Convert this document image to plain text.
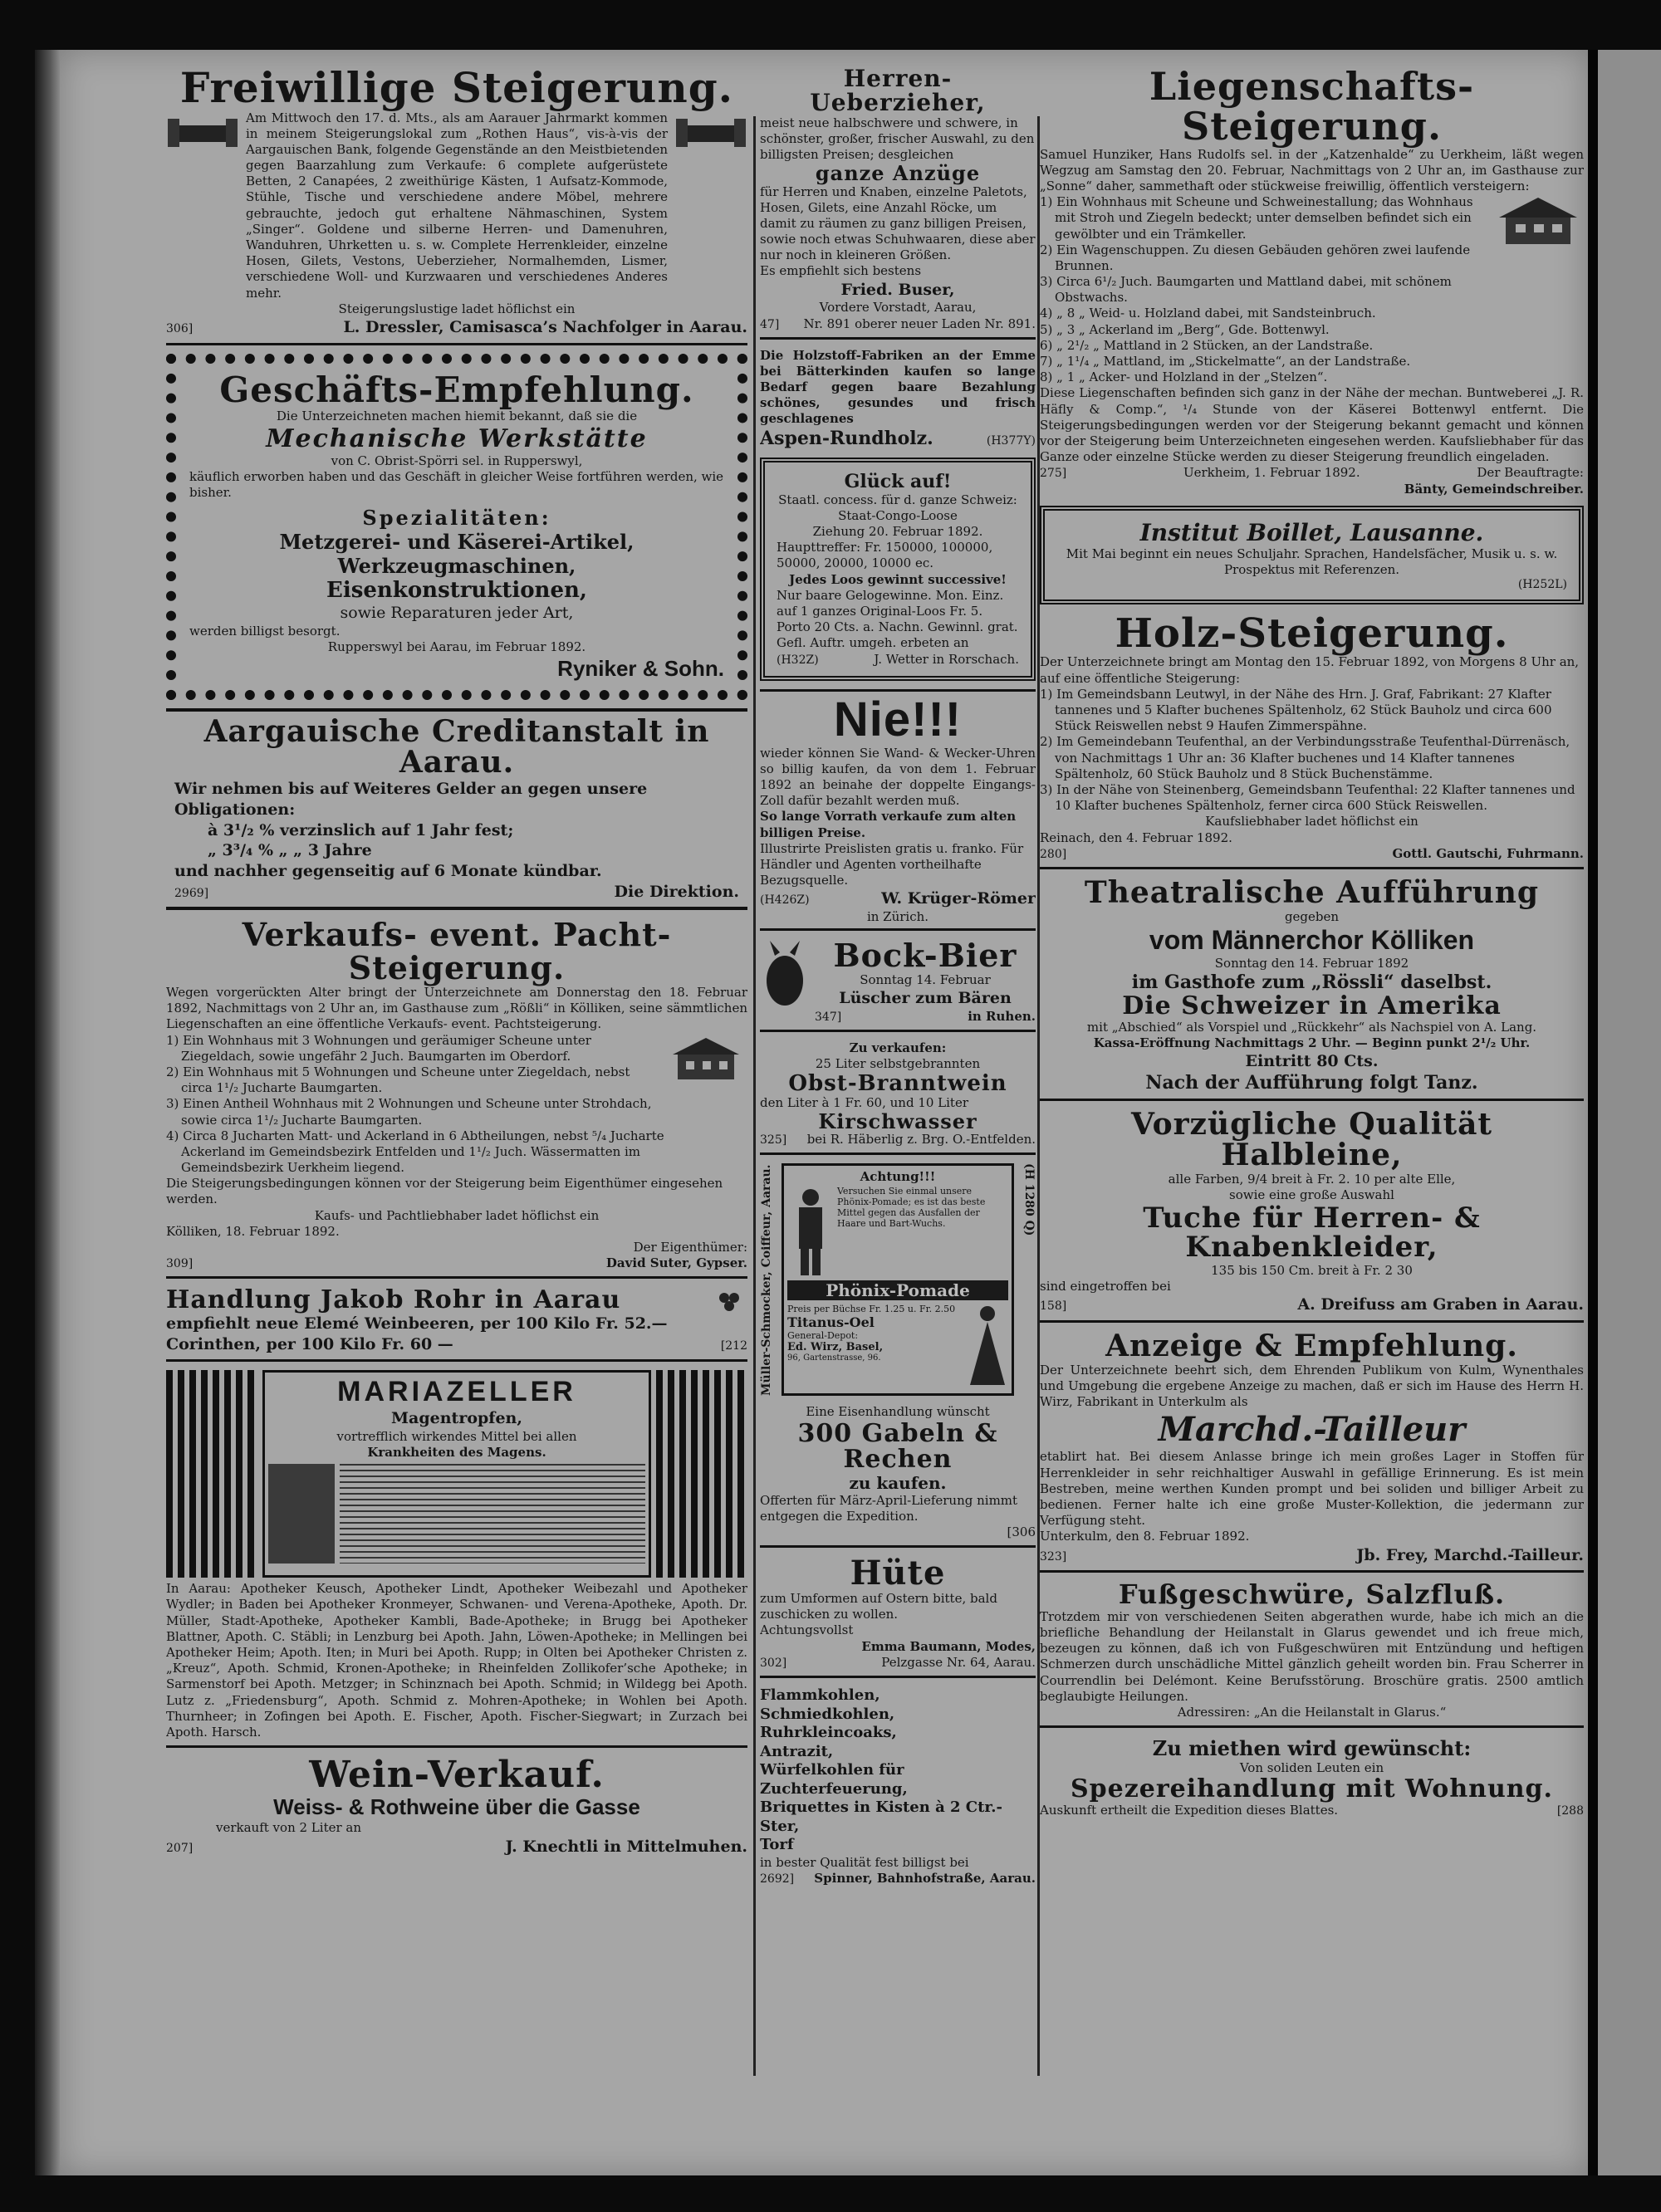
Freiwillige Steigerung.
Am Mittwoch den 17. d. Mts., als am Aarauer Jahrmarkt kommen in meinem Steigerungslokal zum „Rothen Haus“, vis-à-vis der Aargauischen Bank, folgende Gegenstände an den Meistbietenden gegen Baarzahlung zum Verkaufe: 6 complete aufgerüstete Betten, 2 Canapées, 2 zweithürige Kästen, 1 Aufsatz-Kommode, Stühle, Tische und verschiedene andere Möbel, mehrere gebrauchte, jedoch gut erhaltene Nähmaschinen, System „Singer“. Goldene und silberne Herren- und Damenuhren, Wanduhren, Uhrketten u. s. w. Complete Herrenkleider, einzelne Hosen, Gilets, Vestons, Ueberzieher, Normalhemden, Lismer, verschiedene Woll- und Kurzwaaren und verschiedenes Anderes mehr.
Steigerungslustige ladet höflichst ein
306]	L. Dressler, Camisasca’s Nachfolger in Aarau.
Geschäfts-Empfehlung.
Die Unterzeichneten machen hiemit bekannt, daß sie die
Mechanische Werkstätte
von C. Obrist-Spörri sel. in Rupperswyl,
käuflich erworben haben und das Geschäft in gleicher Weise fortführen werden, wie bisher.
Spezialitäten:
Metzgerei- und Käserei-Artikel, Werkzeugmaschinen,
Eisenkonstruktionen,
sowie Reparaturen jeder Art,
werden billigst besorgt.
Rupperswyl bei Aarau, im Februar 1892.
Ryniker & Sohn.
Aargauische Creditanstalt in Aarau.
Wir nehmen bis auf Weiteres Gelder an gegen unsere Obligationen:
à 3¹/₂ % verzinslich auf 1 Jahr fest;
„ 3³/₄ % „ „ 3 Jahre
und nachher gegenseitig auf 6 Monate kündbar.
2969]	Die Direktion.
Verkaufs- event. Pacht-Steigerung.
Wegen vorgerückten Alter bringt der Unterzeichnete am Donnerstag den 18. Februar 1892, Nachmittags von 2 Uhr an, im Gasthause zum „Rößli“ in Kölliken, seine sämmtlichen Liegenschaften an eine öffentliche Verkaufs- event. Pachtsteigerung.
1) Ein Wohnhaus mit 3 Wohnungen und geräumiger Scheune unter Ziegeldach, sowie ungefähr 2 Juch. Baumgarten im Oberdorf.
2) Ein Wohnhaus mit 5 Wohnungen und Scheune unter Ziegeldach, nebst circa 1¹/₂ Jucharte Baumgarten.
3) Einen Antheil Wohnhaus mit 2 Wohnungen und Scheune unter Strohdach, sowie circa 1¹/₂ Jucharte Baumgarten.
4) Circa 8 Jucharten Matt- und Ackerland in 6 Abtheilungen, nebst ⁵/₄ Jucharte Ackerland im Gemeindsbezirk Entfelden und 1¹/₂ Juch. Wässermatten im Gemeindsbezirk Uerkheim liegend.
Die Steigerungsbedingungen können vor der Steigerung beim Eigenthümer eingesehen werden.
Kaufs- und Pachtliebhaber ladet höflichst ein
Kölliken, 18. Februar 1892.
Der Eigenthümer:
309]	David Suter, Gypser.
Handlung Jakob Rohr in Aarau
empfiehlt neue Elemé Weinbeeren, per 100 Kilo Fr. 52.—
Corinthen, per 100 Kilo Fr. 60 —	[212
MARIAZELLER
Magentropfen,
vortrefflich wirkendes Mittel bei allen
Krankheiten des Magens.
In Aarau: Apotheker Keusch, Apotheker Lindt, Apotheker Weibezahl und Apotheker Wydler; in Baden bei Apotheker Kronmeyer, Schwanen- und Verena-Apotheke, Apoth. Dr. Müller, Stadt-Apotheke, Apotheker Kambli, Bade-Apotheke; in Brugg bei Apotheker Blattner, Apoth. C. Stäbli; in Lenzburg bei Apoth. Jahn, Löwen-Apotheke; in Mellingen bei Apotheker Heim; Apoth. Iten; in Muri bei Apoth. Rupp; in Olten bei Apotheker Christen z. „Kreuz“, Apoth. Schmid, Kronen-Apotheke; in Rheinfelden Zollikofer’sche Apotheke; in Sarmenstorf bei Apoth. Metzger; in Schinznach bei Apoth. Schmid; in Wildegg bei Apoth. Lutz z. „Friedensburg“, Apoth. Schmid z. Mohren-Apotheke; in Wohlen bei Apoth. Thurnheer; in Zofingen bei Apoth. E. Fischer, Apoth. Fischer-Siegwart; in Zurzach bei Apoth. Harsch.
Wein-Verkauf.
Weiss- & Rothweine über die Gasse
verkauft von 2 Liter an
207]	J. Knechtli in Mittelmuhen.
Herren-Ueberzieher,
meist neue halbschwere und schwere, in schönster, großer, frischer Auswahl, zu den billigsten Preisen; desgleichen
ganze Anzüge
für Herren und Knaben, einzelne Paletots, Hosen, Gilets, eine Anzahl Röcke, um damit zu räumen zu ganz billigen Preisen, sowie noch etwas Schuhwaaren, diese aber nur noch in kleineren Größen.
Es empfiehlt sich bestens
Fried. Buser,
Vordere Vorstadt, Aarau,
47] Nr. 891 oberer neuer Laden Nr. 891.
Die Holzstoff-Fabriken an der Emme bei Bätterkinden kaufen so lange Bedarf gegen baare Bezahlung schönes, gesundes und frisch geschlagenes
Aspen-Rundholz.	(H377Y)
Glück auf!
Staatl. concess. für d. ganze Schweiz:
Staat-Congo-Loose
Ziehung 20. Februar 1892.
Haupttreffer: Fr. 150000, 100000, 50000, 20000, 10000 ec.
Jedes Loos gewinnt successive!
Nur baare Gelogewinne. Mon. Einz. auf 1 ganzes Original-Loos Fr. 5. Porto 20 Cts. a. Nachn. Gewinnl. grat.
Gefl. Auftr. umgeh. erbeten an
(H32Z)	J. Wetter in Rorschach.
Nie!!!
wieder können Sie Wand- & Wecker-Uhren so billig kaufen, da von dem 1. Februar 1892 an beinahe der doppelte Eingangs-Zoll dafür bezahlt werden muß.
So lange Vorrath verkaufe zum alten billigen Preise.
Illustrirte Preislisten gratis u. franko. Für Händler und Agenten vortheilhafte Bezugsquelle.
(H426Z)	W. Krüger-Römer
in Zürich.
Bock-Bier
Sonntag 14. Februar
Lüscher zum Bären
347]	in Ruhen.
Zu verkaufen:
25 Liter selbstgebrannten
Obst-Branntwein
den Liter à 1 Fr. 60, und 10 Liter
Kirschwasser
325] bei R. Häberlig z. Brg. O.-Entfelden.
Müller-Schmocker, Coiffeur, Aarau.	Achtung!!!
Versuchen Sie einmal unsere Phönix-Pomade; es ist das beste Mittel gegen das Ausfallen der Haare und Bart-Wuchs.
Phönix-Pomade
Preis per Büchse Fr. 1.25 u. Fr. 2.50
Titanus-Oel
General-Depot:
Ed. Wirz, Basel,
96, Gartenstrasse, 96.
(H 1280 Q)
Eine Eisenhandlung wünscht
300 Gabeln & Rechen
zu kaufen.
Offerten für März-April-Lieferung nimmt entgegen die Expedition.
[306
Hüte
zum Umformen auf Ostern bitte, bald zuschicken zu wollen.
Achtungsvollst
Emma Baumann, Modes,
302]	Pelzgasse Nr. 64, Aarau.
Flammkohlen,
Schmiedkohlen,
Ruhrkleincoaks,
Antrazit,
Würfelkohlen für Zuchterfeuerung,
Briquettes in Kisten à 2 Ctr.-Ster,
Torf
in bester Qualität fest billigst bei
2692] Spinner, Bahnhofstraße, Aarau.
Liegenschafts-Steigerung.
Samuel Hunziker, Hans Rudolfs sel. in der „Katzenhalde“ zu Uerkheim, läßt wegen Wegzug am Samstag den 20. Februar, Nachmittags von 2 Uhr an, im Gasthause zur „Sonne“ daher, sammethaft oder stückweise freiwillig, öffentlich versteigern:
1) Ein Wohnhaus mit Scheune und Schweinestallung; das Wohnhaus mit Stroh und Ziegeln bedeckt; unter demselben befindet sich ein gewölbter und ein Trämkeller.
2) Ein Wagenschuppen. Zu diesen Gebäuden gehören zwei laufende Brunnen.
3) Circa 6¹/₂ Juch. Baumgarten und Mattland dabei, mit schönem Obstwachs.
4) „ 8 „ Weid- u. Holzland dabei, mit Sandsteinbruch.
5) „ 3 „ Ackerland im „Berg“, Gde. Bottenwyl.
6) „ 2¹/₂ „ Mattland in 2 Stücken, an der Landstraße.
7) „ 1¹/₄ „ Mattland, im „Stickelmatte“, an der Landstraße.
8) „ 1 „ Acker- und Holzland in der „Stelzen“.
Diese Liegenschaften befinden sich ganz in der Nähe der mechan. Buntweberei „J. R. Häfly & Comp.“, ¹/₄ Stunde von der Käserei Bottenwyl entfernt. Die Steigerungsbedingungen werden vor der Steigerung bekannt gemacht und können vor der Steigerung beim Unterzeichneten eingesehen werden. Kaufsliebhaber für das Ganze oder einzelne Stücke werden zu dieser Steigerung freundlich eingeladen.
275]	Uerkheim, 1. Februar 1892.	Der Beauftragte:
Bänty, Gemeindschreiber.
Institut Boillet, Lausanne.
Mit Mai beginnt ein neues Schuljahr. Sprachen, Handelsfächer, Musik u. s. w. Prospektus mit Referenzen.
(H252L)
Holz-Steigerung.
Der Unterzeichnete bringt am Montag den 15. Februar 1892, von Morgens 8 Uhr an, auf eine öffentliche Steigerung:
1) Im Gemeindsbann Leutwyl, in der Nähe des Hrn. J. Graf, Fabrikant: 27 Klafter tannenes und 5 Klafter buchenes Spältenholz, 62 Stück Bauholz und circa 600 Stück Reiswellen nebst 9 Haufen Zimmerspähne.
2) Im Gemeindebann Teufenthal, an der Verbindungsstraße Teufenthal-Dürrenäsch, von Nachmittags 1 Uhr an: 36 Klafter buchenes und 14 Klafter tannenes Spältenholz, 60 Stück Bauholz und 8 Stück Buchenstämme.
3) In der Nähe von Steinenberg, Gemeindsbann Teufenthal: 22 Klafter tannenes und 10 Klafter buchenes Spältenholz, ferner circa 600 Stück Reiswellen.
Kaufsliebhaber ladet höflichst ein
Reinach, den 4. Februar 1892.
280]	Gottl. Gautschi, Fuhrmann.
Theatralische Aufführung
gegeben
vom Männerchor Kölliken
Sonntag den 14. Februar 1892
im Gasthofe zum „Rössli“ daselbst.
Die Schweizer in Amerika
mit „Abschied“ als Vorspiel und „Rückkehr“ als Nachspiel von A. Lang.
Kassa-Eröffnung Nachmittags 2 Uhr. — Beginn punkt 2¹/₂ Uhr.
Eintritt 80 Cts.
Nach der Aufführung folgt Tanz.
Vorzügliche Qualität Halbleine,
alle Farben, 9/4 breit à Fr. 2. 10 per alte Elle,
sowie eine große Auswahl
Tuche für Herren- & Knabenkleider,
135 bis 150 Cm. breit à Fr. 2 30
sind eingetroffen bei
158]	A. Dreifuss am Graben in Aarau.
Anzeige & Empfehlung.
Der Unterzeichnete beehrt sich, dem Ehrenden Publikum von Kulm, Wynenthales und Umgebung die ergebene Anzeige zu machen, daß er sich im Hause des Herrn H. Wirz, Fabrikant in Unterkulm als
Marchd.-Tailleur
etablirt hat. Bei diesem Anlasse bringe ich mein großes Lager in Stoffen für Herrenkleider in sehr reichhaltiger Auswahl in gefällige Erinnerung. Es ist mein Bestreben, meine werthen Kunden prompt und bei soliden und billiger Arbeit zu bedienen. Ferner halte ich eine große Muster-Kollektion, die jedermann zur Verfügung steht.
Unterkulm, den 8. Februar 1892.
323]	Jb. Frey, Marchd.-Tailleur.
Fußgeschwüre, Salzfluß.
Trotzdem mir von verschiedenen Seiten abgerathen wurde, habe ich mich an die briefliche Behandlung der Heilanstalt in Glarus gewendet und ich freue mich, bezeugen zu können, daß ich von Fußgeschwüren mit Entzündung und heftigen Schmerzen durch unschädliche Mittel gänzlich geheilt worden bin. Frau Scherrer in Courrendlin bei Delémont. Keine Berufsstörung. Broschüre gratis. 2500 amtlich beglaubigte Heilungen.
Adressiren: „An die Heilanstalt in Glarus.“
Zu miethen wird gewünscht:
Von soliden Leuten ein
Spezereihandlung mit Wohnung.
Auskunft ertheilt die Expedition dieses Blattes.	[288
